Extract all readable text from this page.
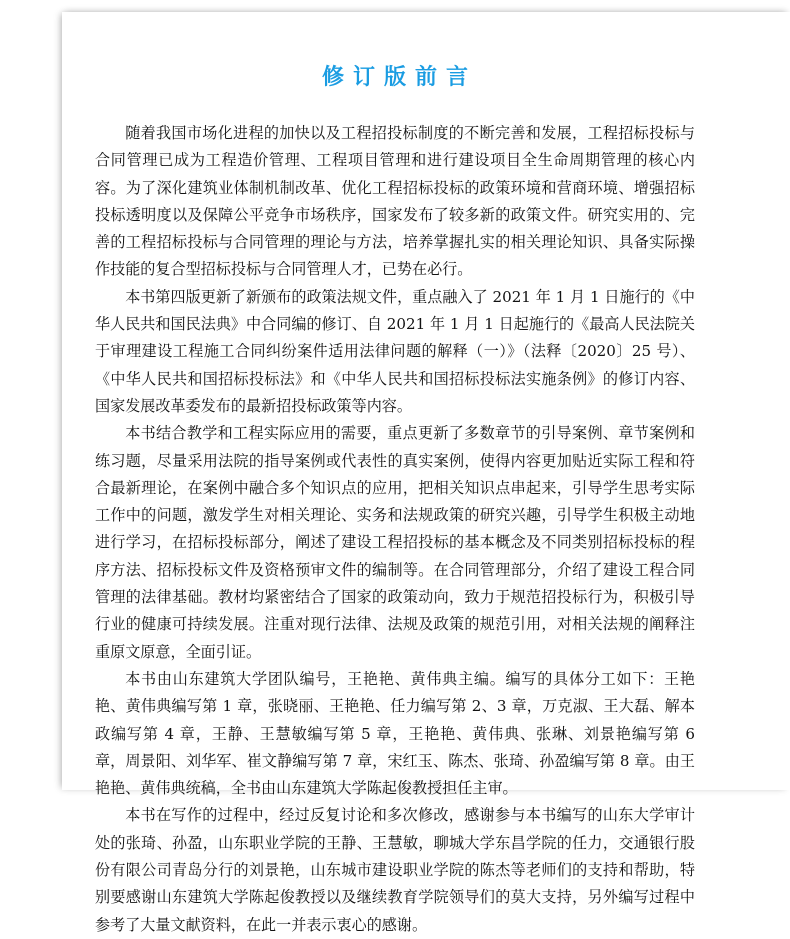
修订版前言

随着我国市场化进程的加快以及工程招投标制度的不断完善和发展，工程招标投标与合同管理已成为工程造价管理、工程项目管理和进行建设项目全生命周期管理的核心内容。为了深化建筑业体制机制改革、优化工程招标投标的政策环境和营商环境、增强招标投标透明度以及保障公平竞争市场秩序，国家发布了较多新的政策文件。研究实用的、完善的工程招标投标与合同管理的理论与方法，培养掌握扎实的相关理论知识、具备实际操作技能的复合型招标投标与合同管理人才，已势在必行。

本书第四版更新了新颁布的政策法规文件，重点融入了 2021 年 1 月 1 日施行的《中华人民共和国民法典》中合同编的修订、自 2021 年 1 月 1 日起施行的《最高人民法院关于审理建设工程施工合同纠纷案件适用法律问题的解释（一）》（法释〔2020〕25 号）、《中华人民共和国招标投标法》和《中华人民共和国招标投标法实施条例》的修订内容、国家发展改革委发布的最新招投标政策等内容。

本书结合教学和工程实际应用的需要，重点更新了多数章节的引导案例、章节案例和练习题，尽量采用法院的指导案例或代表性的真实案例，使得内容更加贴近实际工程和符合最新理论，在案例中融合多个知识点的应用，把相关知识点串起来，引导学生思考实际工作中的问题，激发学生对相关理论、实务和法规政策的研究兴趣，引导学生积极主动地进行学习，在招标投标部分，阐述了建设工程招投标的基本概念及不同类别招标投标的程序方法、招标投标文件及资格预审文件的编制等。在合同管理部分，介绍了建设工程合同管理的法律基础。教材均紧密结合了国家的政策动向，致力于规范招投标行为，积极引导行业的健康可持续发展。注重对现行法律、法规及政策的规范引用，对相关法规的阐释注重原文原意，全面引证。

本书由山东建筑大学团队编号，王艳艳、黄伟典主编。编写的具体分工如下：王艳艳、黄伟典编写第 1 章，张晓丽、王艳艳、任力编写第 2、3 章，万克淑、王大磊、解本政编写第 4 章，王静、王慧敏编写第 5 章，王艳艳、黄伟典、张琳、刘景艳编写第 6 章，周景阳、刘华军、崔文静编写第 7 章，宋红玉、陈杰、张琦、孙盈编写第 8 章。由王艳艳、黄伟典统稿，全书由山东建筑大学陈起俊教授担任主审。

本书在写作的过程中，经过反复讨论和多次修改，感谢参与本书编写的山东大学审计处的张琦、孙盈，山东职业学院的王静、王慧敏，聊城大学东昌学院的任力，交通银行股份有限公司青岛分行的刘景艳，山东城市建设职业学院的陈杰等老师们的支持和帮助，特别要感谢山东建筑大学陈起俊教授以及继续教育学院领导们的莫大支持，另外编写过程中参考了大量文献资料，在此一并表示衷心的感谢。
